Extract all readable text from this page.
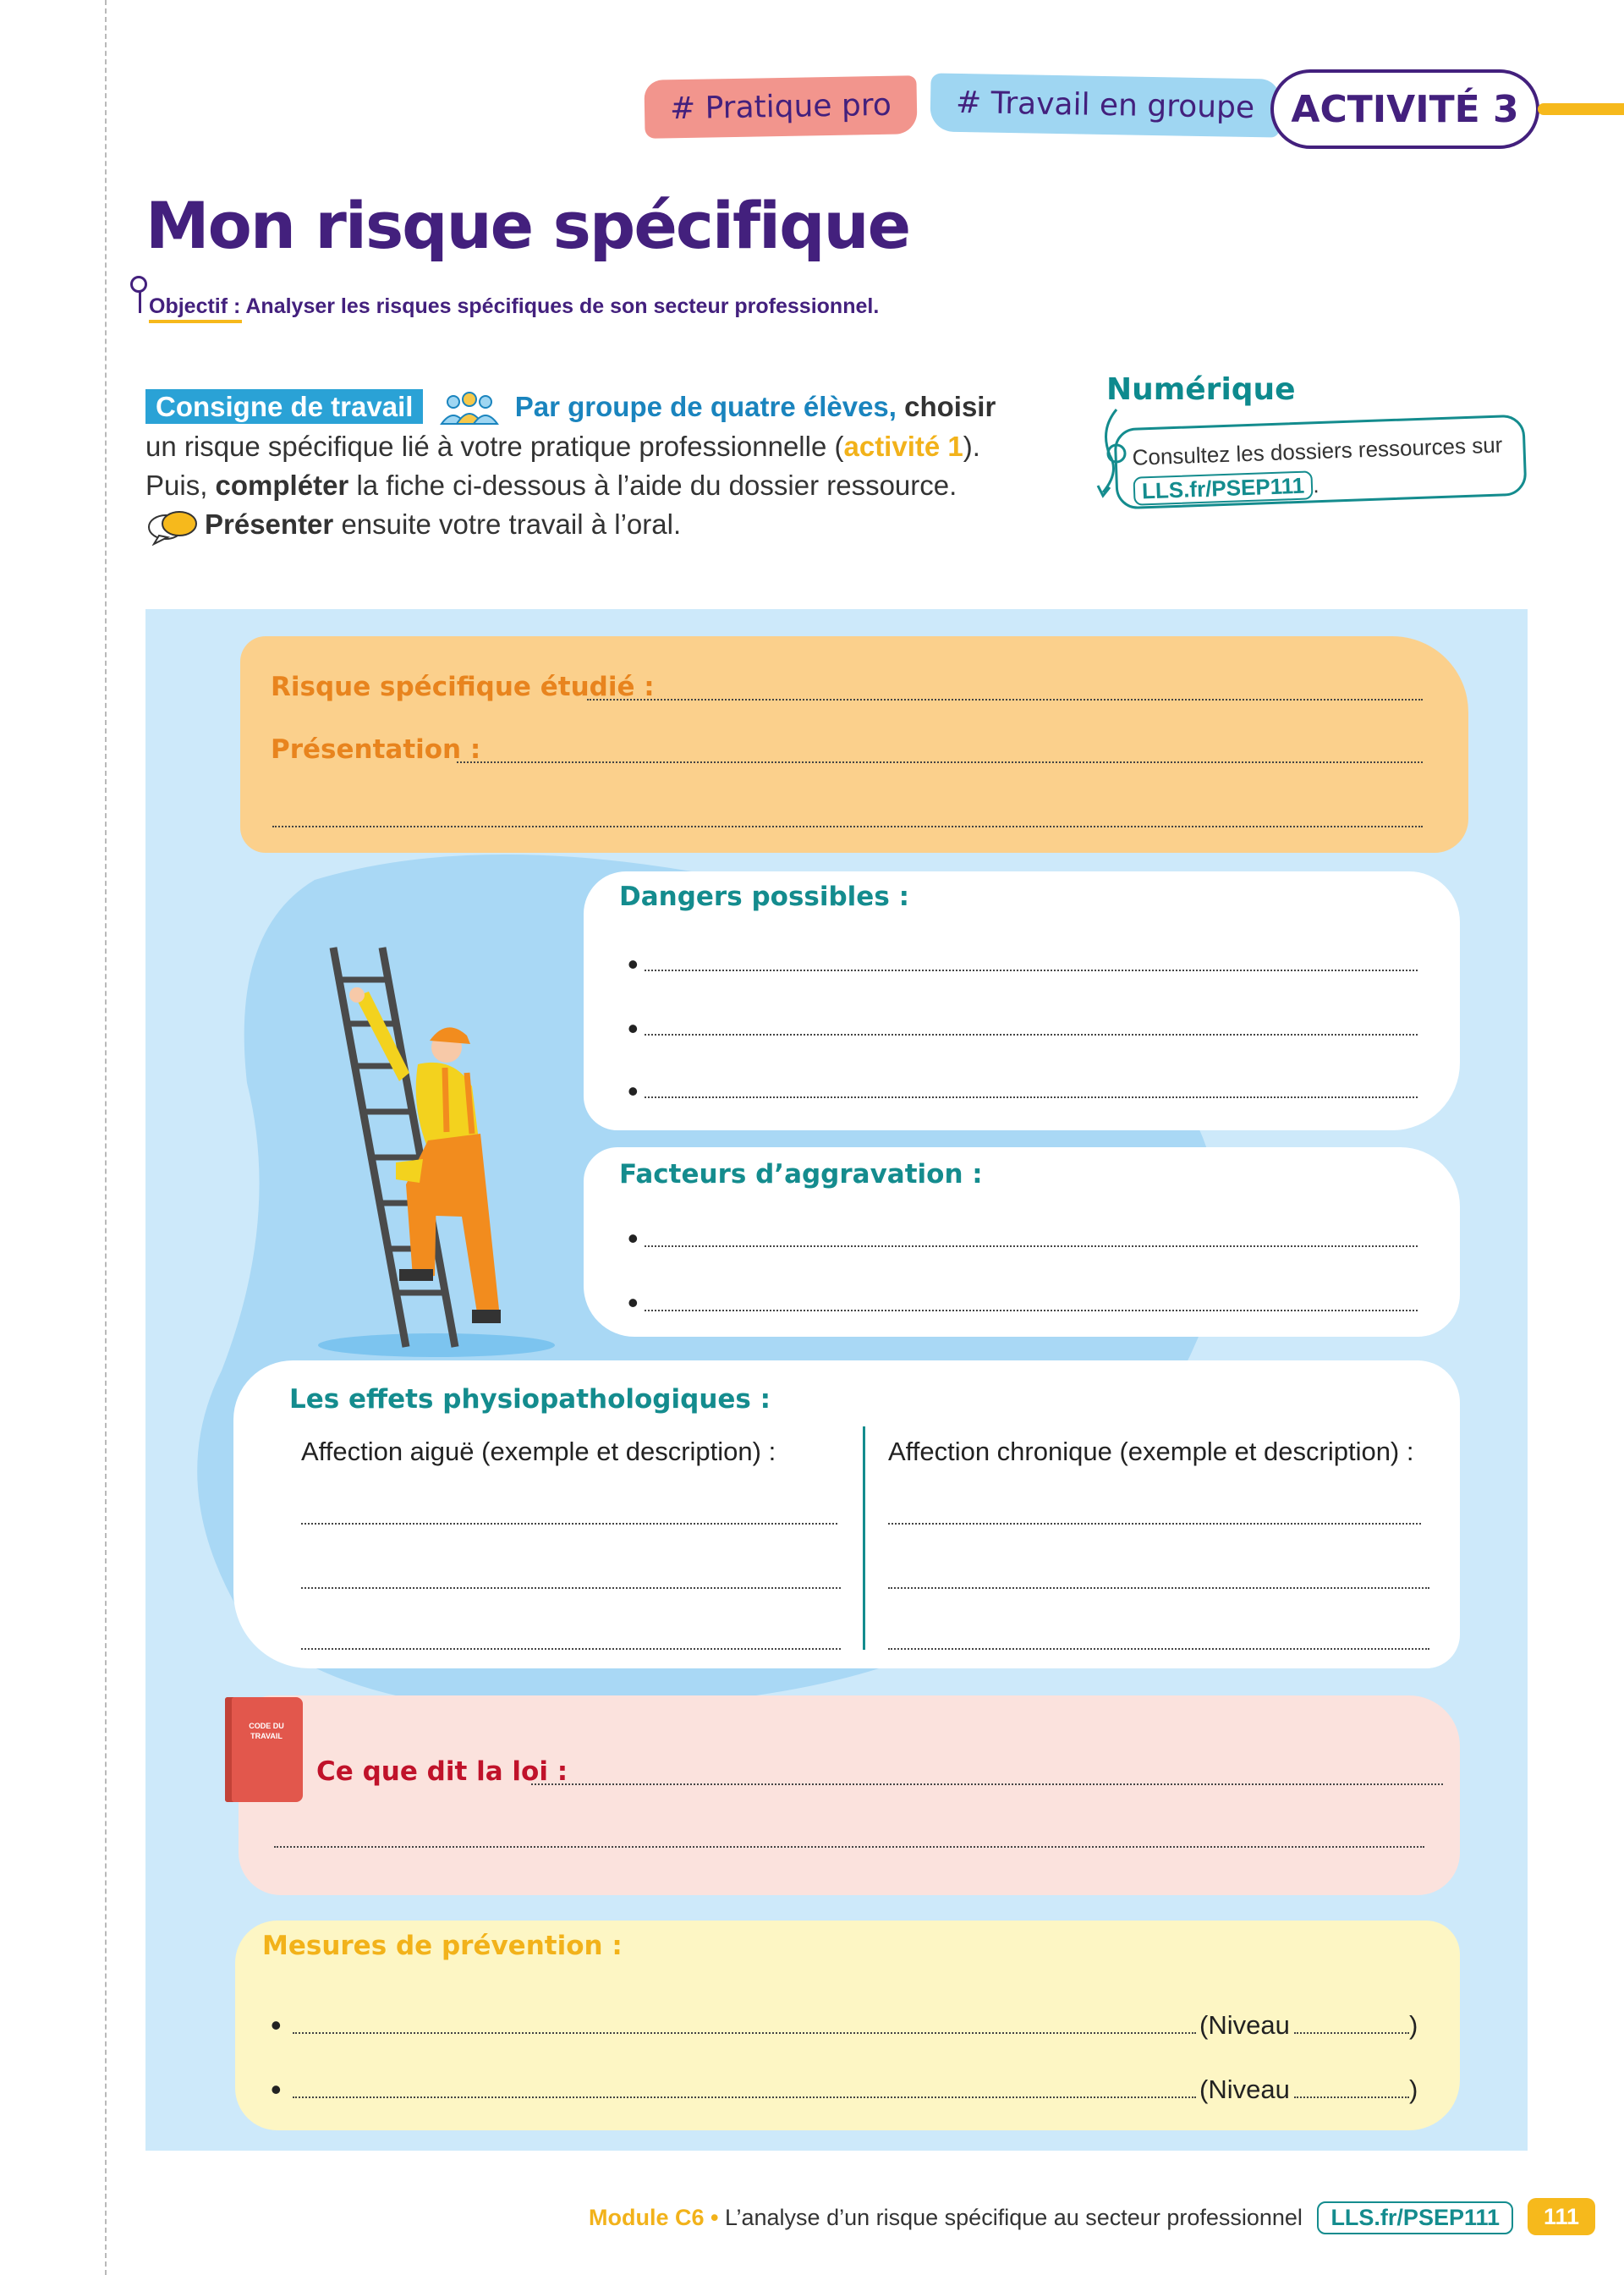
# Pratique pro	# Travail en groupe ACTIVITÉ 3
Mon risque spécifique
Objectif : Analyser les risques spécifiques de son secteur professionnel.
Consigne de travail	Par groupe de quatre élèves, choisir un risque spécifique lié à votre pratique professionnelle (activité 1). Puis, compléter la fiche ci-dessous à l’aide du dossier ressource.
Présenter ensuite votre travail à l’oral.
Numérique
Consultez les dossiers ressources sur LLS.fr/PSEP111 .
Risque spécifique étudié :
Présentation :
Dangers possibles :
•
•
•
Facteurs d’aggravation :
•
•
Les effets physiopathologiques :
Affection aiguë (exemple et description) :	Affection chronique (exemple et description) :
CODE DU TRAVAIL
Ce que dit la loi :
Mesures de prévention :
•	(Niveau	)
•	(Niveau	)
Module C6 • L’analyse d’un risque spécifique au secteur professionnel LLS.fr/PSEP111	111
